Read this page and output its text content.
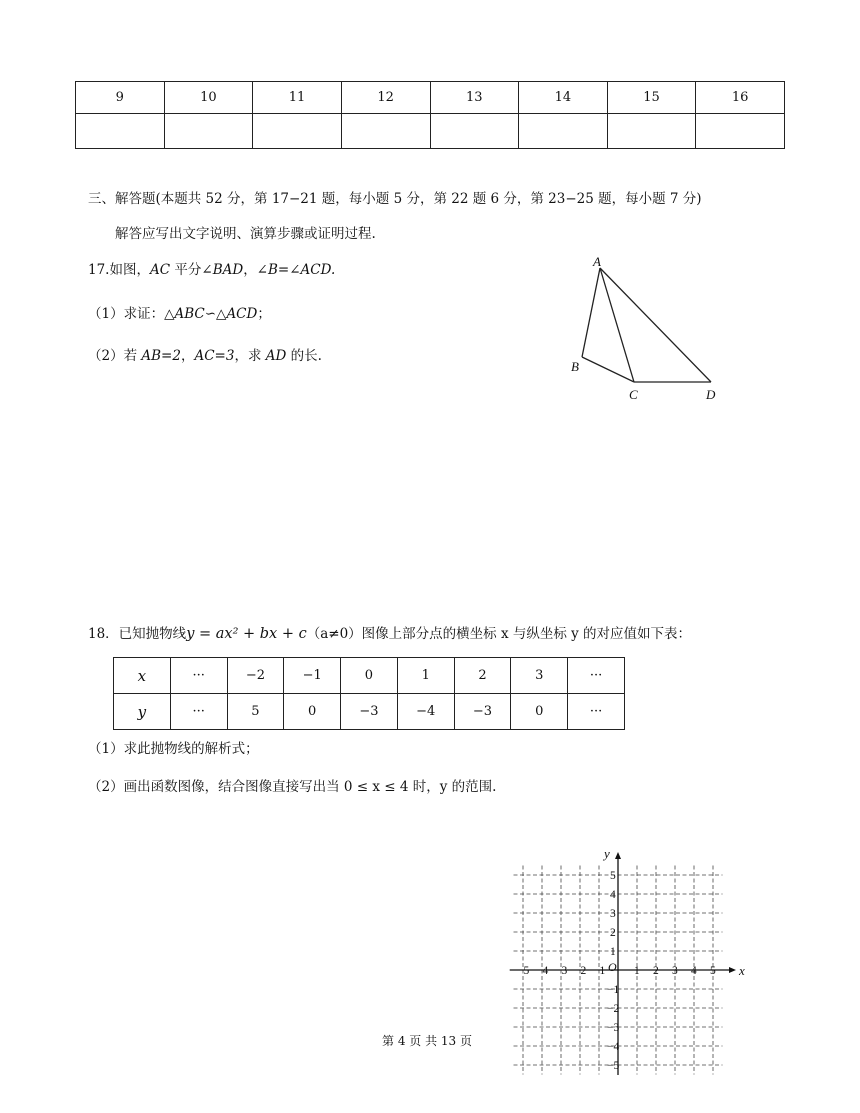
9	10	11	12	13	14	15	16

三、解答题(本题共 52 分，第 17−21 题，每小题 5 分，第 22 题 6 分，第 23−25 题，每小题 7 分)
解答应写出文字说明、演算步骤或证明过程.
17.如图，AC 平分∠BAD，∠B=∠ACD.
（1）求证：△ABC∽△ACD；
（2）若 AB=2，AC=3，求 AD 的长.
A
B
C	D
18．已知抛物线y = ax² + bx + c（a≠0）图像上部分点的横坐标 x 与纵坐标 y 的对应值如下表：
x	···	−2	−1	0	1	2	3	···
y	···	5	0	−3	−4	−3	0	···
（1）求此抛物线的解析式；
（2）画出函数图像，结合图像直接写出当 0 ≤ x ≤ 4 时，y 的范围.
−5 −4 −3 −2 −1	1 2 3 4 5
5
4
3
2
1
−1
−2
−3
−4
−5
x
y
O
第 4 页 共 13 页
